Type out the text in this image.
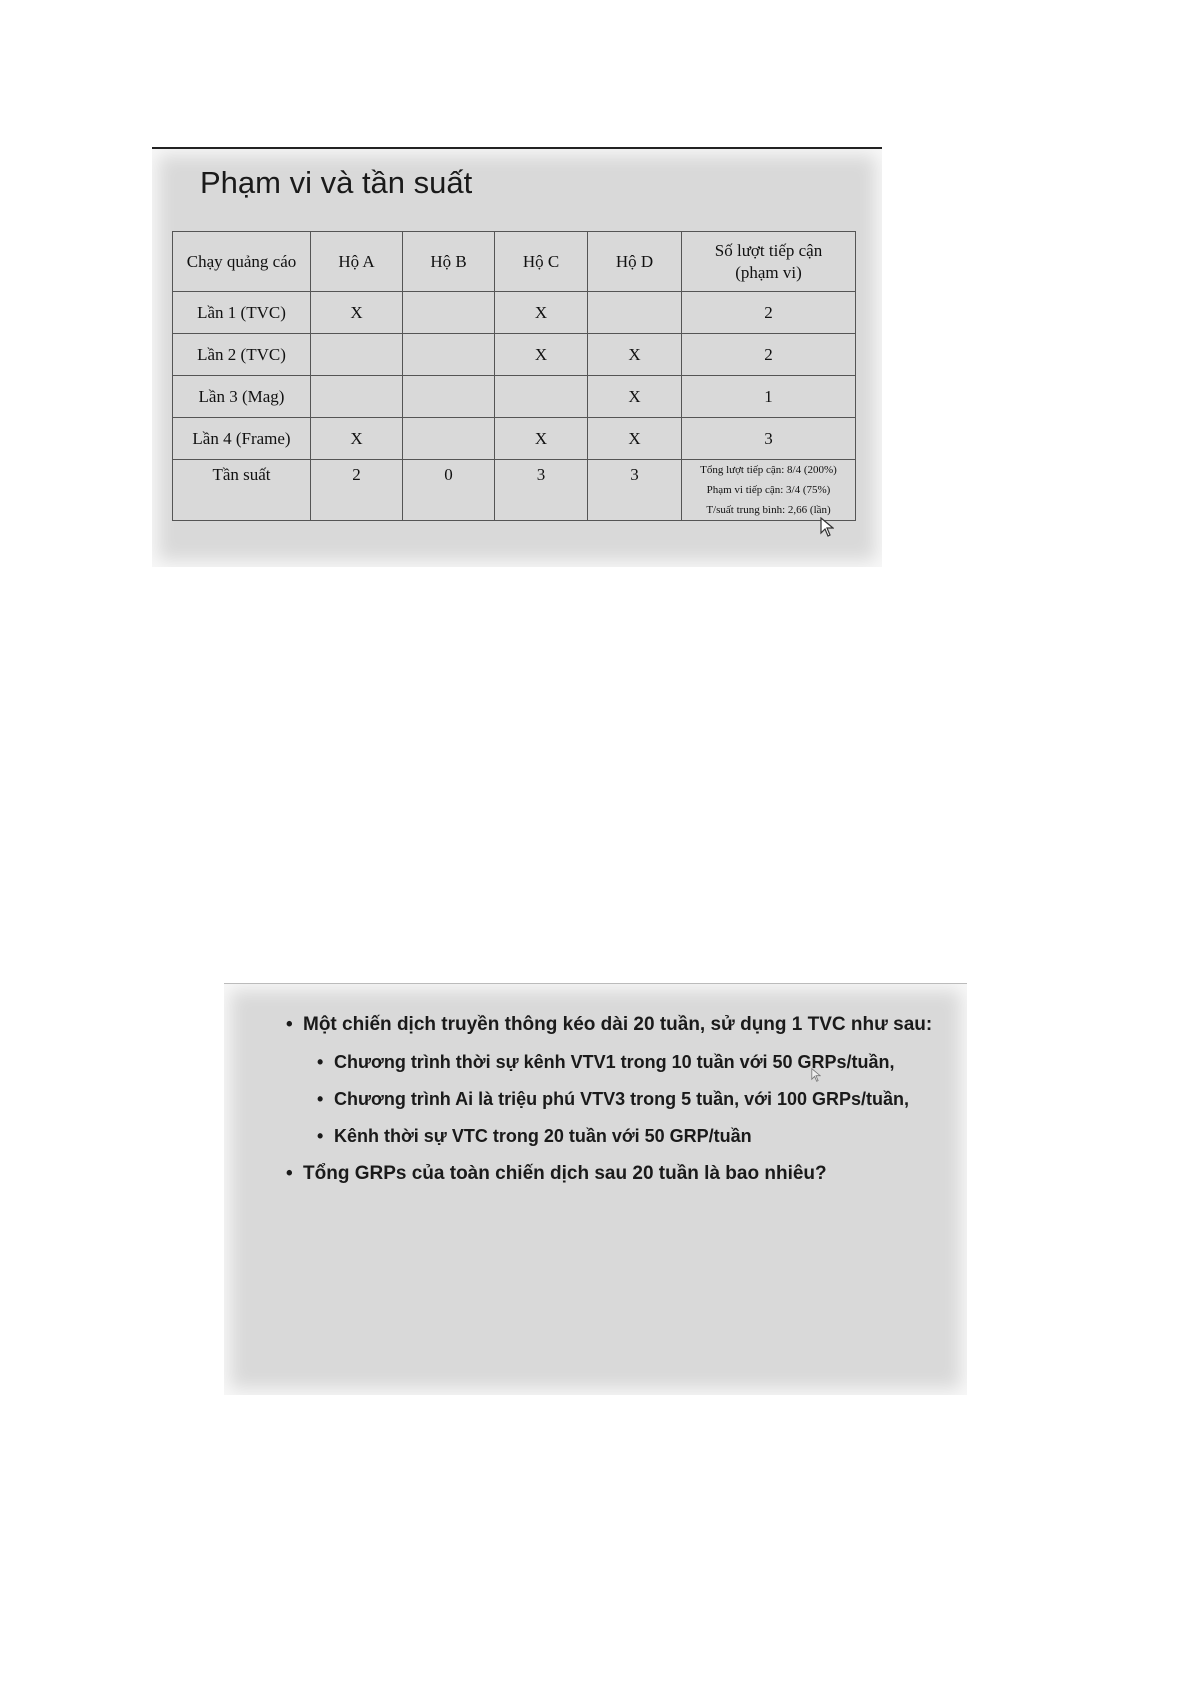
Phạm vi và tần suất
Chạy quảng cáo	Hộ A	Hộ B	Hộ C	Hộ D	Số lượt tiếp cận
(phạm vi)
Lần 1 (TVC)	X		X		2
Lần 2 (TVC)			X	X	2
Lần 3 (Mag)				X	1
Lần 4 (Frame)	X		X	X	3
Tần suất	2	0	3	3	Tổng lượt tiếp cận: 8/4 (200%)
Phạm vi tiếp cận: 3/4 (75%)
T/suất trung bình: 2,66 (lần)
• Một chiến dịch truyền thông kéo dài 20 tuần, sử dụng 1 TVC như sau:
• Chương trình thời sự kênh VTV1 trong 10 tuần với 50 GRPs/tuần,
• Chương trình Ai là triệu phú VTV3 trong 5 tuần, với 100 GRPs/tuần,
• Kênh thời sự VTC trong 20 tuần với 50 GRP/tuần
• Tổng GRPs của toàn chiến dịch sau 20 tuần là bao nhiêu?
